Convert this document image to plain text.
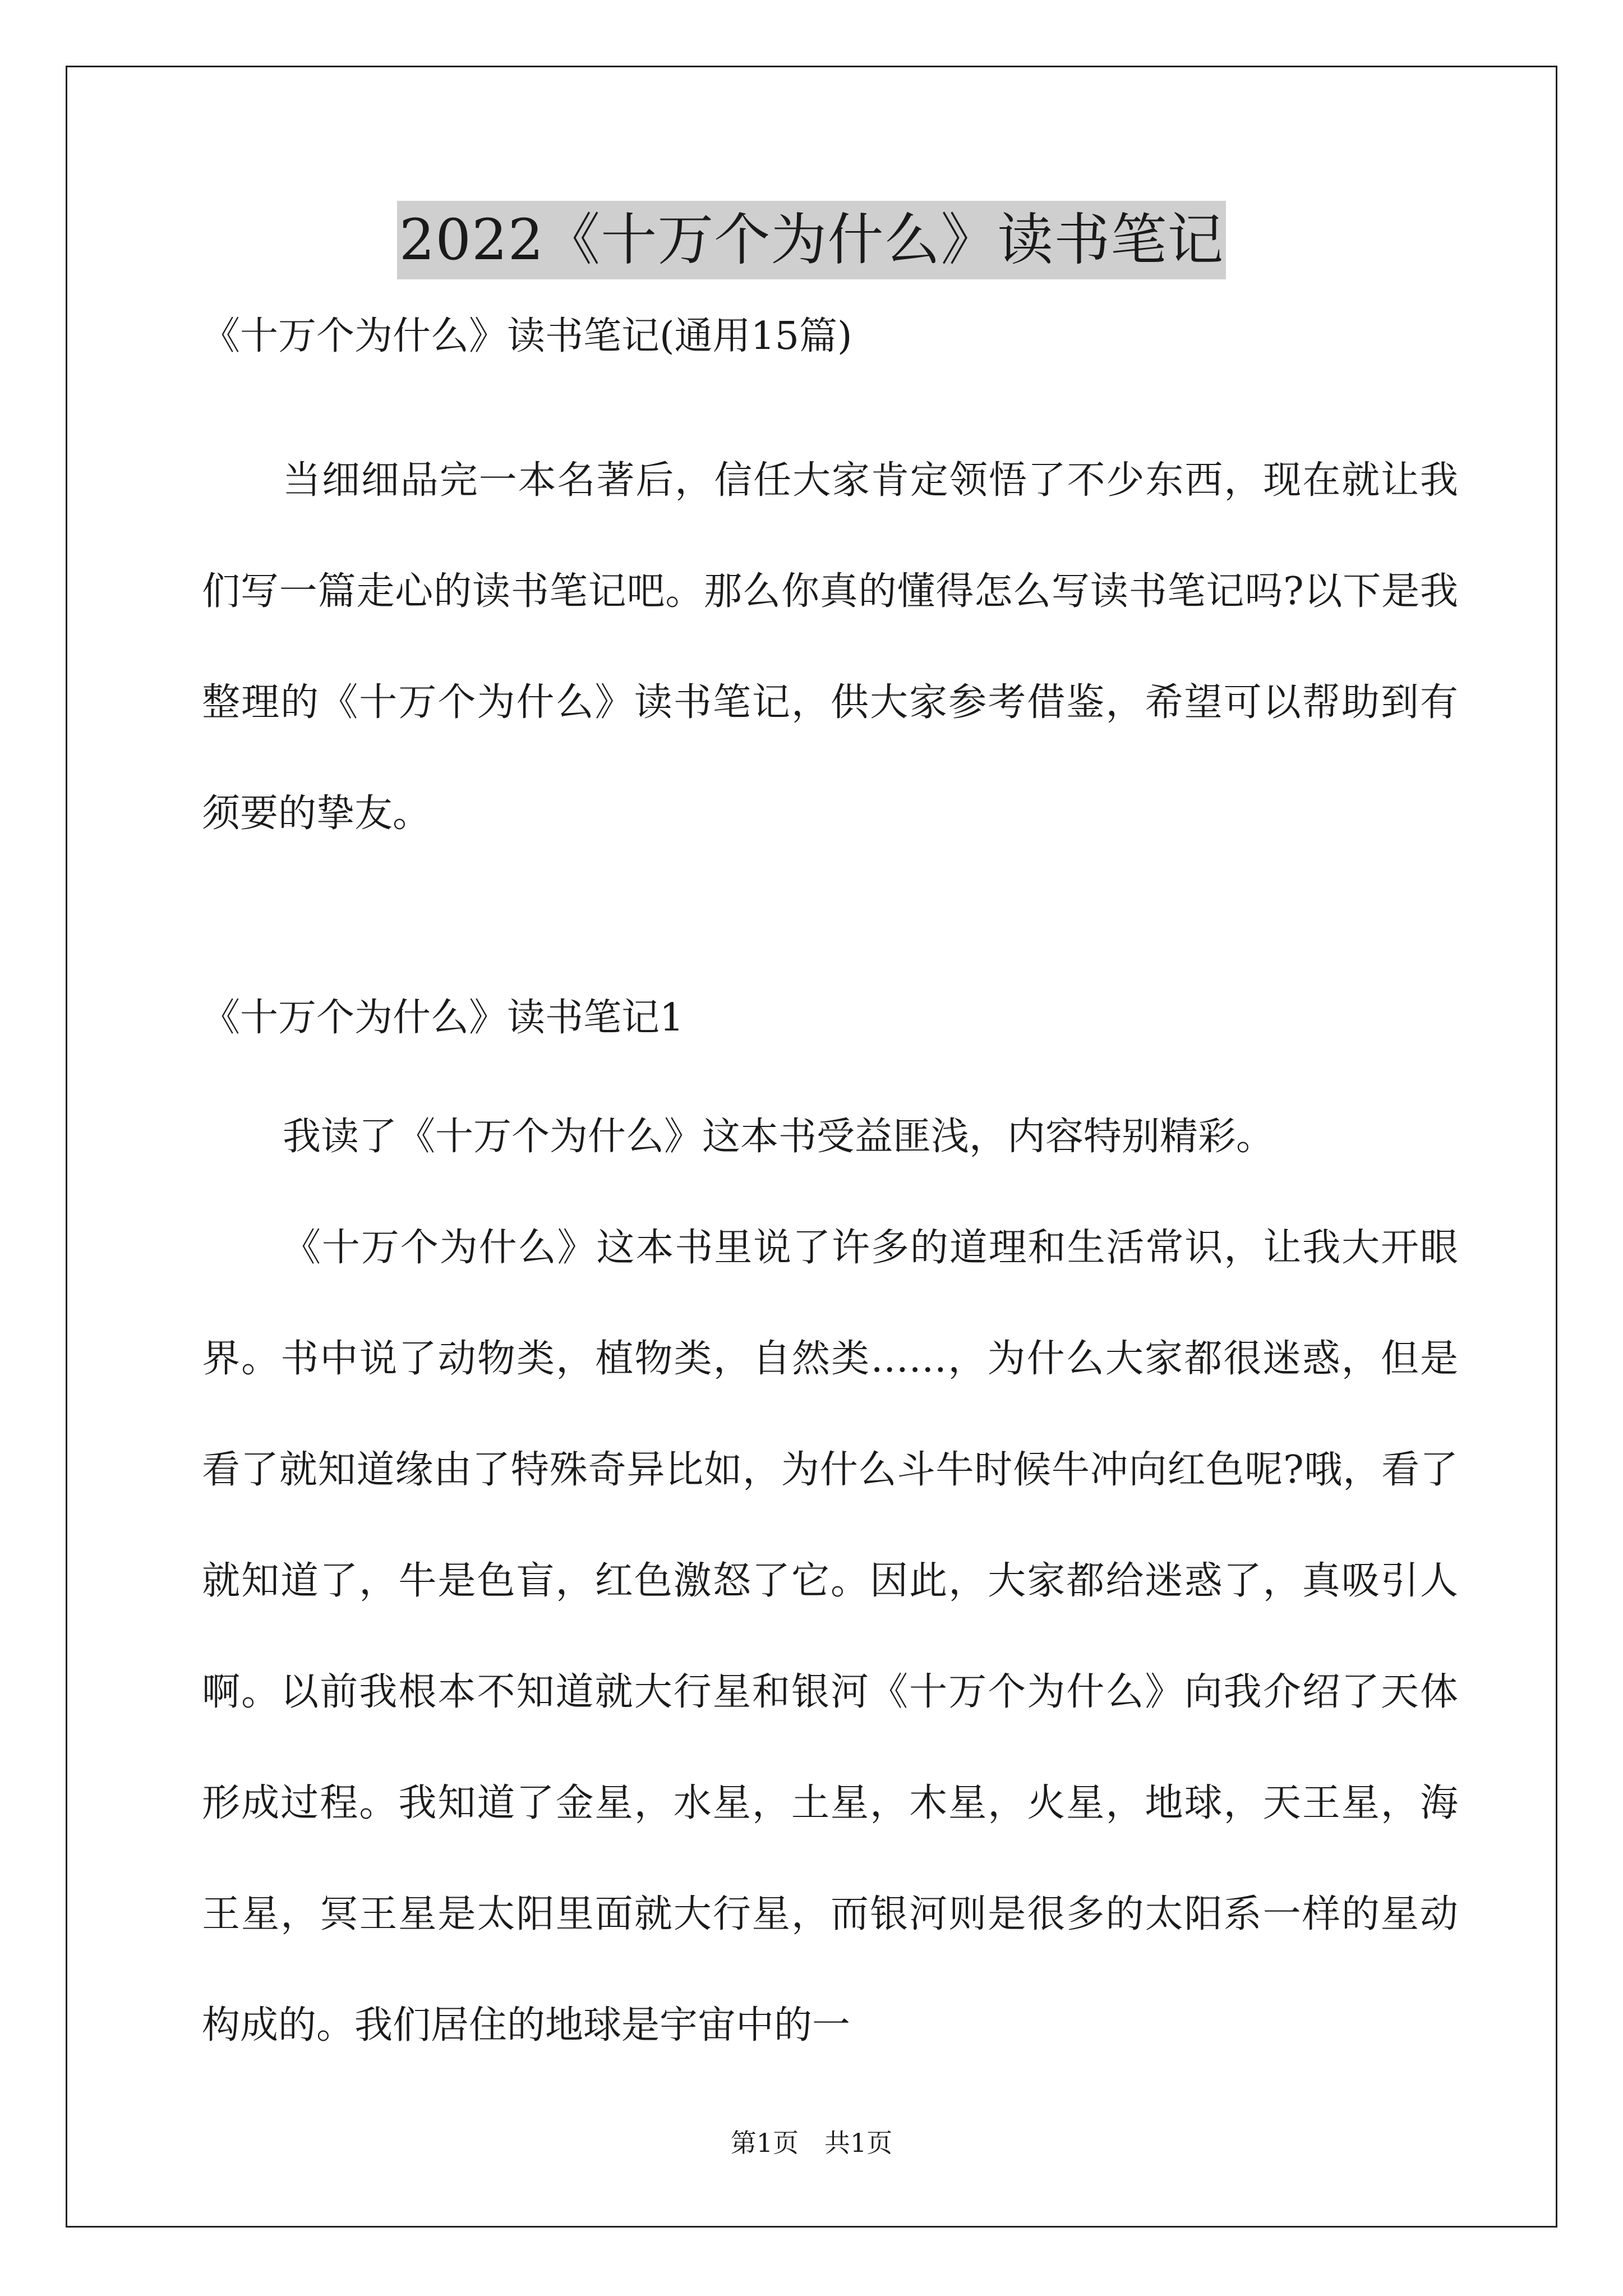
2022《十万个为什么》读书笔记
《十万个为什么》读书笔记(通用15篇)
当细细品完一本名著后，信任大家肯定领悟了不少东西，现在就让我们写一篇走心的读书笔记吧。那么你真的懂得怎么写读书笔记吗?以下是我整理的《十万个为什么》读书笔记，供大家参考借鉴，希望可以帮助到有须要的挚友。
《十万个为什么》读书笔记1
我读了《十万个为什么》这本书受益匪浅，内容特别精彩。
《十万个为什么》这本书里说了许多的道理和生活常识，让我大开眼界。书中说了动物类，植物类，自然类……，为什么大家都很迷惑，但是看了就知道缘由了特殊奇异比如，为什么斗牛时候牛冲向红色呢?哦，看了就知道了，牛是色盲，红色激怒了它。因此，大家都给迷惑了，真吸引人啊。以前我根本不知道就大行星和银河《十万个为什么》向我介绍了天体形成过程。我知道了金星，水星，土星，木星，火星，地球，天王星，海王星，冥王星是太阳里面就大行星，而银河则是很多的太阳系一样的星动构成的。我们居住的地球是宇宙中的一
第1页　共1页
